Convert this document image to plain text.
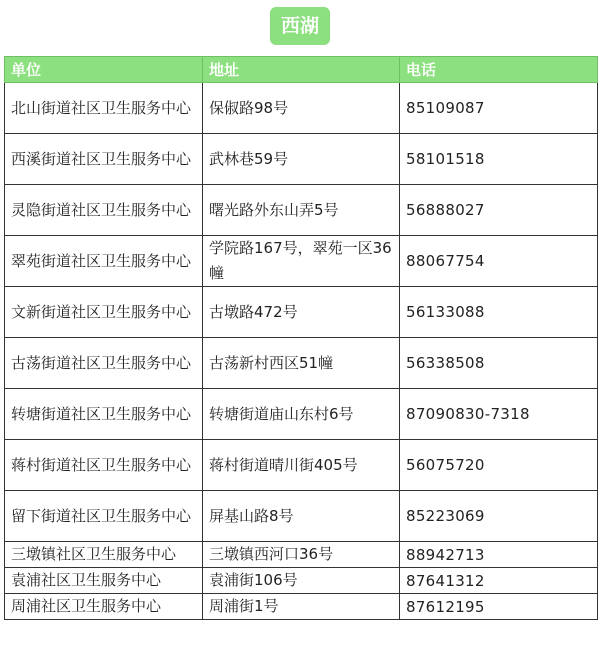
西湖
单位	地址	电话
北山街道社区卫生服务中心	保俶路98号	85109087
西溪街道社区卫生服务中心	武林巷59号	58101518
灵隐街道社区卫生服务中心	曙光路外东山弄5号	56888027
翠苑街道社区卫生服务中心	学院路167号，翠苑一区36幢	88067754
文新街道社区卫生服务中心	古墩路472号	56133088
古荡街道社区卫生服务中心	古荡新村西区51幢	56338508
转塘街道社区卫生服务中心	转塘街道庙山东村6号	87090830-7318
蒋村街道社区卫生服务中心	蒋村街道晴川街405号	56075720
留下街道社区卫生服务中心	屏基山路8号	85223069
三墩镇社区卫生服务中心	三墩镇西河口36号	88942713
袁浦社区卫生服务中心	袁浦街106号	87641312
周浦社区卫生服务中心	周浦街1号	87612195
